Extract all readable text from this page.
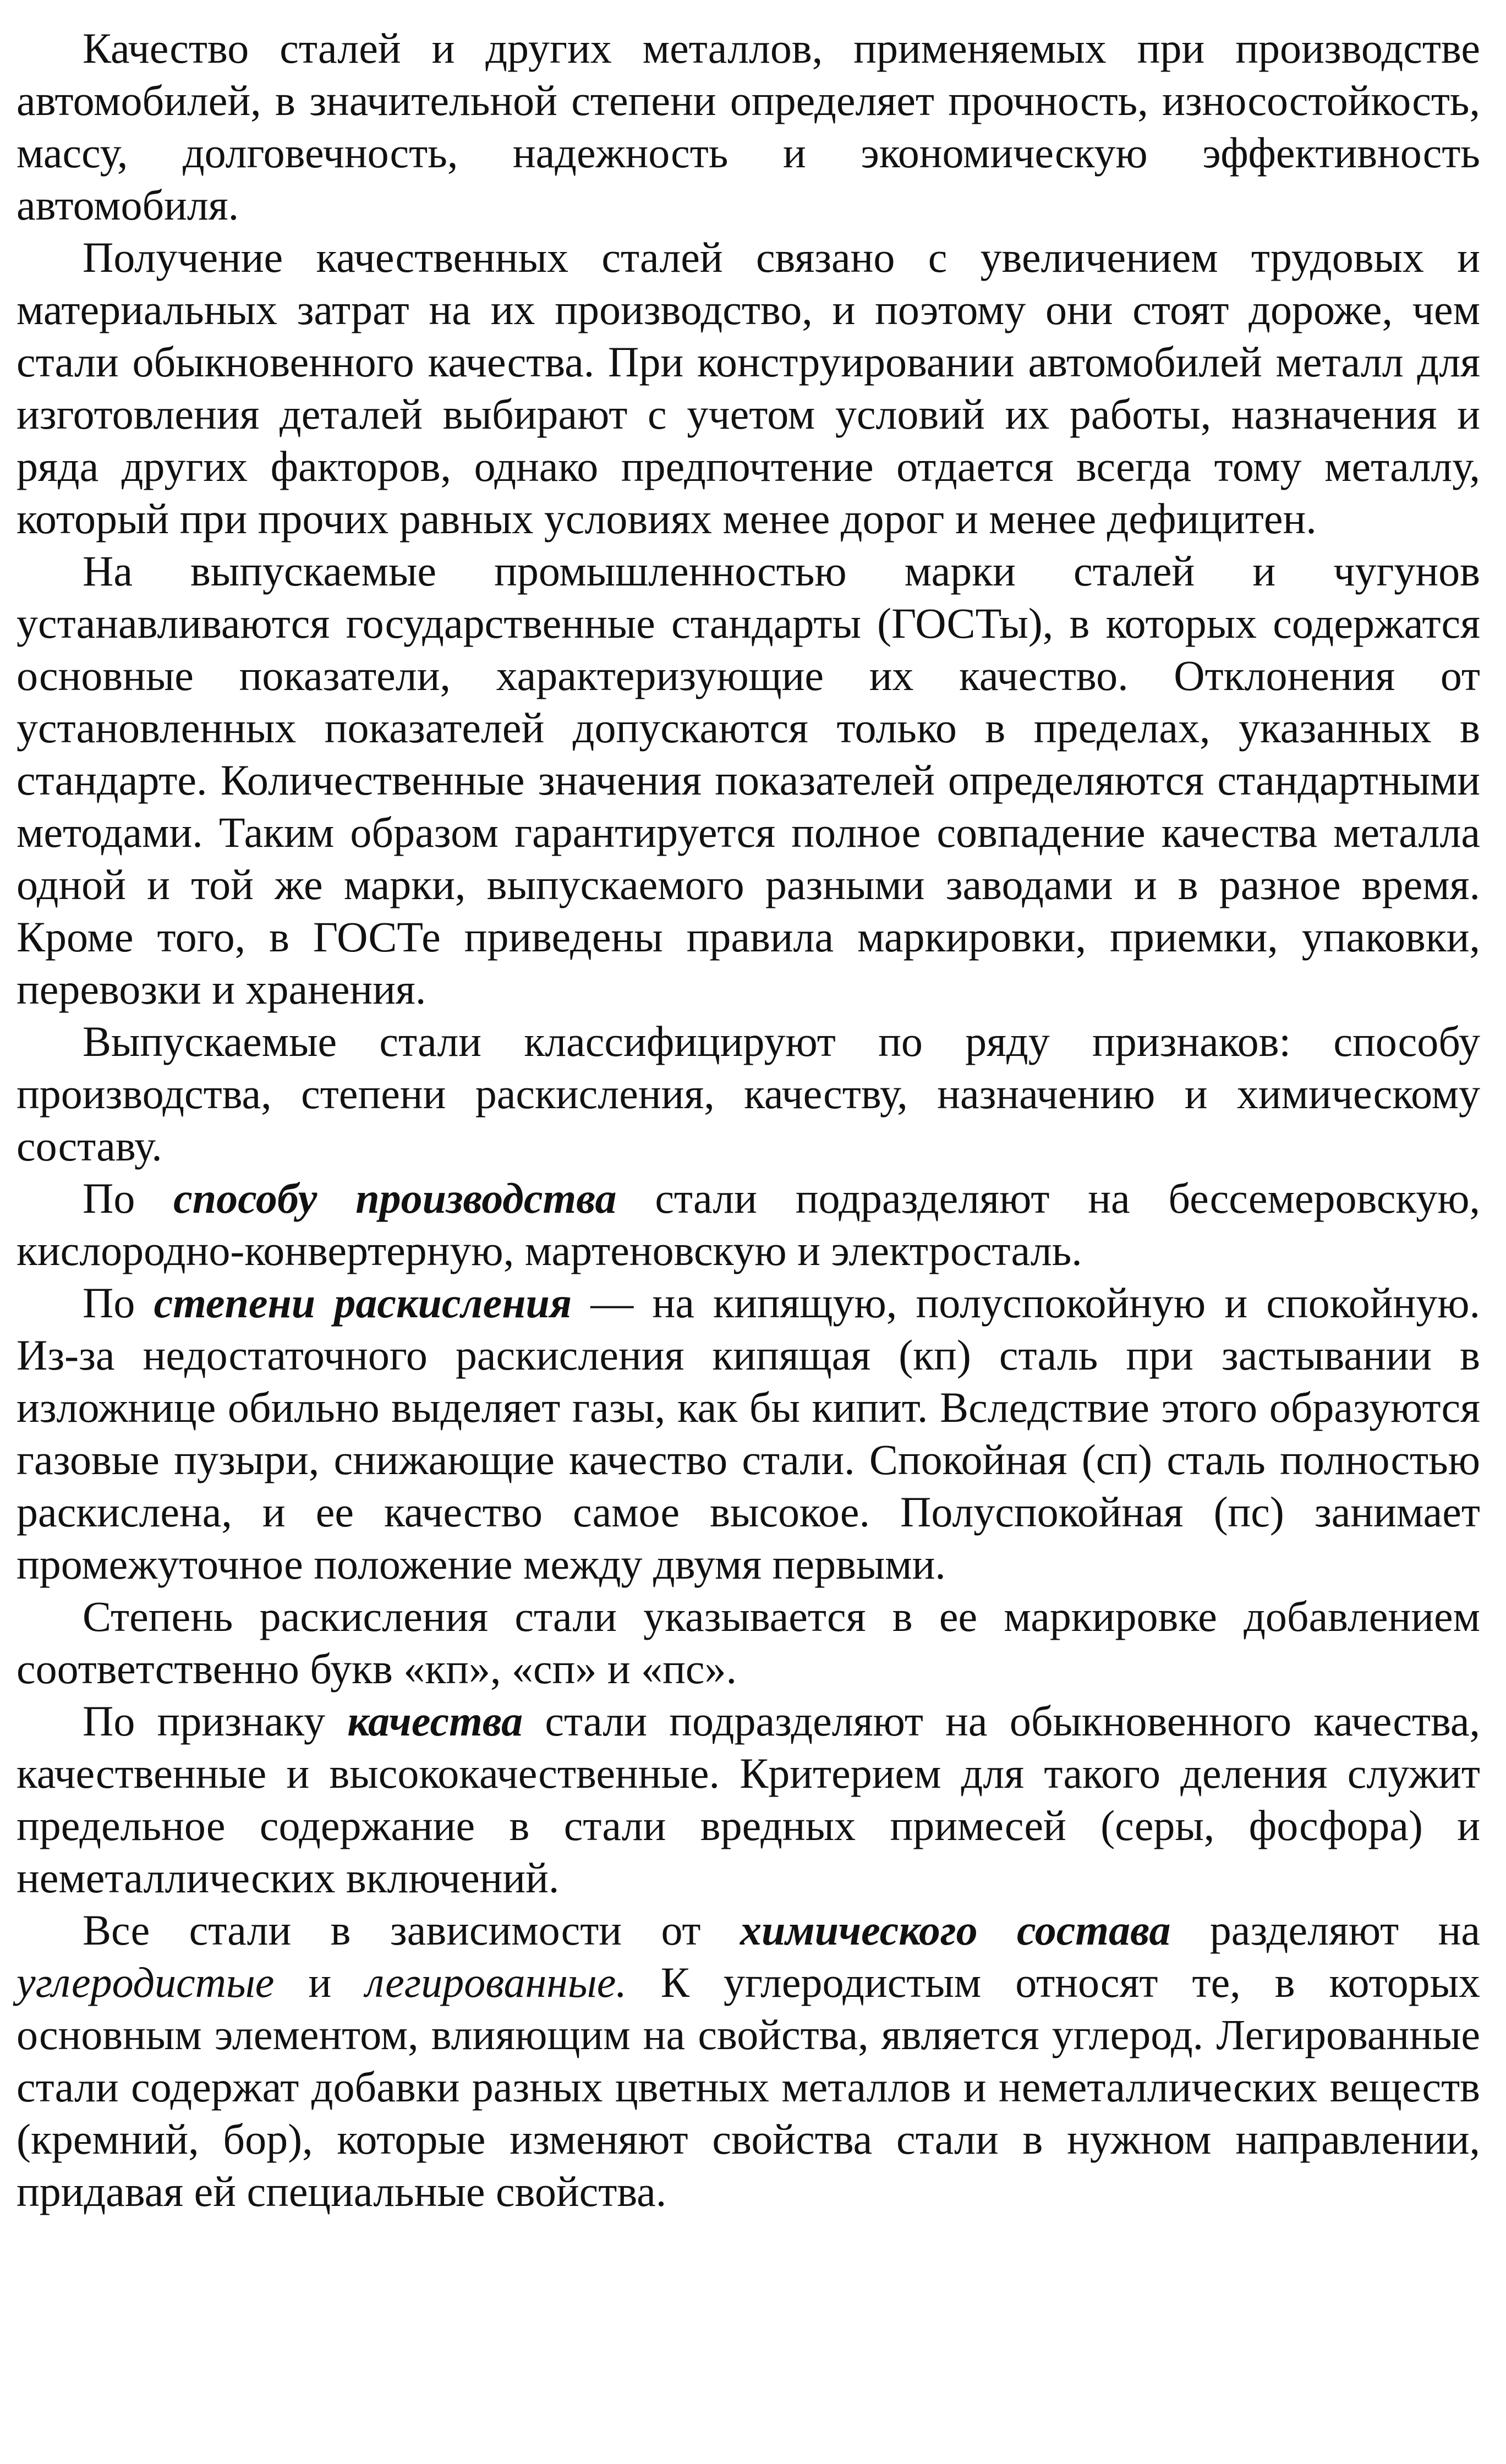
Качество сталей и других металлов, применяемых при производстве автомобилей, в значительной степени определяет прочность, износостойкость, массу, долговечность, надежность и экономическую эффективность автомобиля.

Получение качественных сталей связано с увеличением трудовых и материальных затрат на их производство, и поэтому они стоят дороже, чем стали обыкновенного качества. При конструировании автомобилей металл для изготовления деталей выбирают с учетом условий их работы, назначения и ряда других факторов, однако предпочтение отдается всегда тому металлу, который при прочих равных условиях менее дорог и менее дефицитен.

На выпускаемые промышленностью марки сталей и чугунов устанавливаются государственные стандарты (ГОСТы), в которых содержатся основные показатели, характеризующие их качество. Отклонения от установленных показателей допускаются только в пределах, указанных в стандарте. Количественные значения показателей определяются стандартными методами. Таким образом гарантируется полное совпадение качества металла одной и той же марки, выпускаемого разными заводами и в разное время. Кроме того, в ГОСТе приведены правила маркировки, приемки, упаковки, перевозки и хранения.

Выпускаемые стали классифицируют по ряду признаков: способу производства, степени раскисления, качеству, назначению и химическому составу.

По способу производства стали подразделяют на бессемеровскую, кислородно-конвертерную, мартеновскую и электросталь.

По степени раскисления — на кипящую, полуспокойную и спокойную. Из-за недостаточного раскисления кипящая (кп) сталь при застывании в изложнице обильно выделяет газы, как бы кипит. Вследствие этого образуются газовые пузыри, снижающие качество стали. Спокойная (сп) сталь полностью раскислена, и ее качество самое высокое. Полуспокойная (пс) занимает промежуточное положение между двумя первыми.

Степень раскисления стали указывается в ее маркировке добавлением соответственно букв «кп», «сп» и «пс».

По признаку качества стали подразделяют на обыкновенного качества, качественные и высококачественные. Критерием для такого деления служит предельное содержание в стали вредных примесей (серы, фосфора) и неметаллических включений.

Все стали в зависимости от химического состава разделяют на углеродистые и легированные. К углеродистым относят те, в которых основным элементом, влияющим на свойства, является углерод. Легированные стали содержат добавки разных цветных металлов и неметаллических веществ (кремний, бор), которые изменяют свойства стали в нужном направлении, придавая ей специальные свойства.
